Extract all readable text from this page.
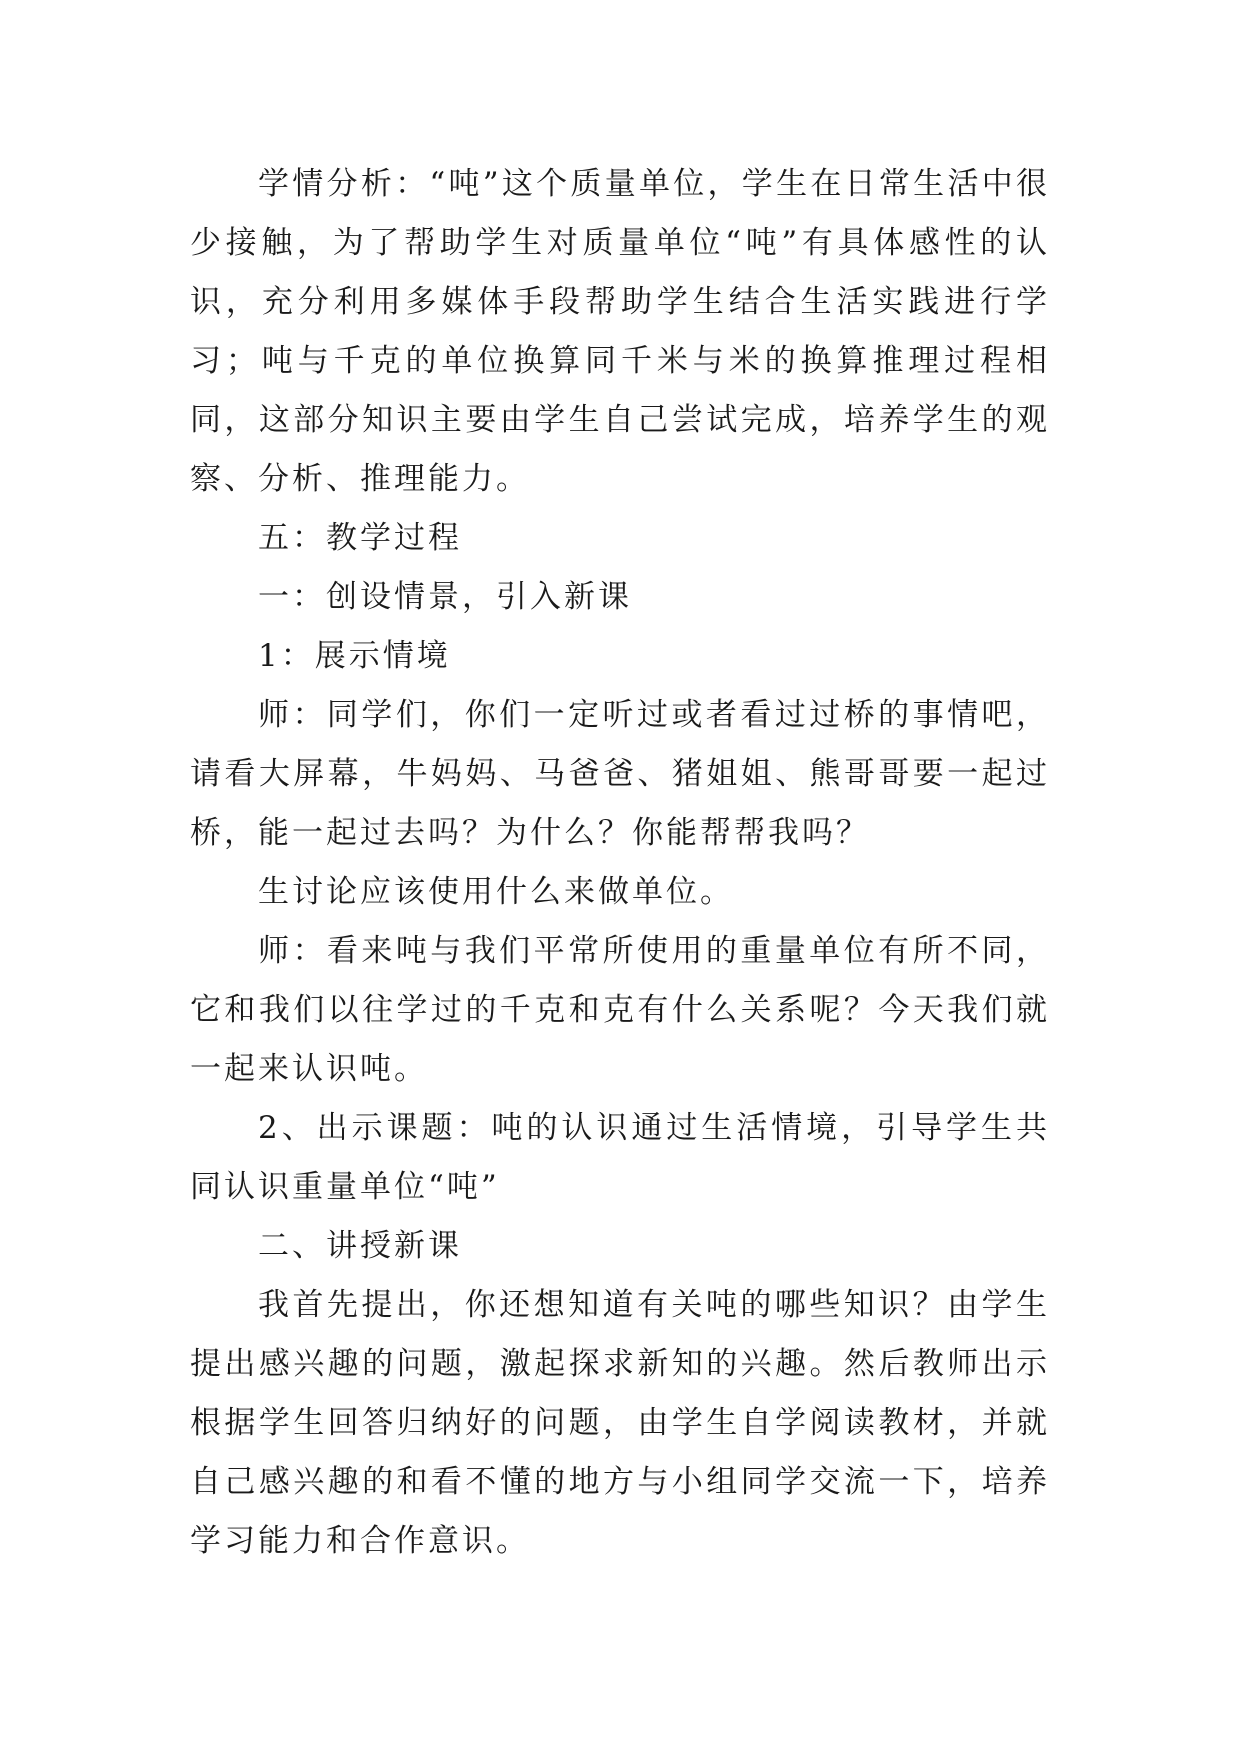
学情分析：“吨”这个质量单位，学生在日常生活中很少接触，为了帮助学生对质量单位“吨”有具体感性的认识，充分利用多媒体手段帮助学生结合生活实践进行学习；吨与千克的单位换算同千米与米的换算推理过程相同，这部分知识主要由学生自己尝试完成，培养学生的观察、分析、推理能力。

五：教学过程

一：创设情景，引入新课

1：展示情境

师：同学们，你们一定听过或者看过过桥的事情吧，请看大屏幕，牛妈妈、马爸爸、猪姐姐、熊哥哥要一起过桥，能一起过去吗？为什么？你能帮帮我吗？

生讨论应该使用什么来做单位。

师：看来吨与我们平常所使用的重量单位有所不同，它和我们以往学过的千克和克有什么关系呢？今天我们就一起来认识吨。

2、出示课题：吨的认识通过生活情境，引导学生共同认识重量单位“吨”

二、讲授新课

我首先提出，你还想知道有关吨的哪些知识？由学生提出感兴趣的问题，激起探求新知的兴趣。然后教师出示根据学生回答归纳好的问题，由学生自学阅读教材，并就自己感兴趣的和看不懂的地方与小组同学交流一下，培养学习能力和合作意识。
